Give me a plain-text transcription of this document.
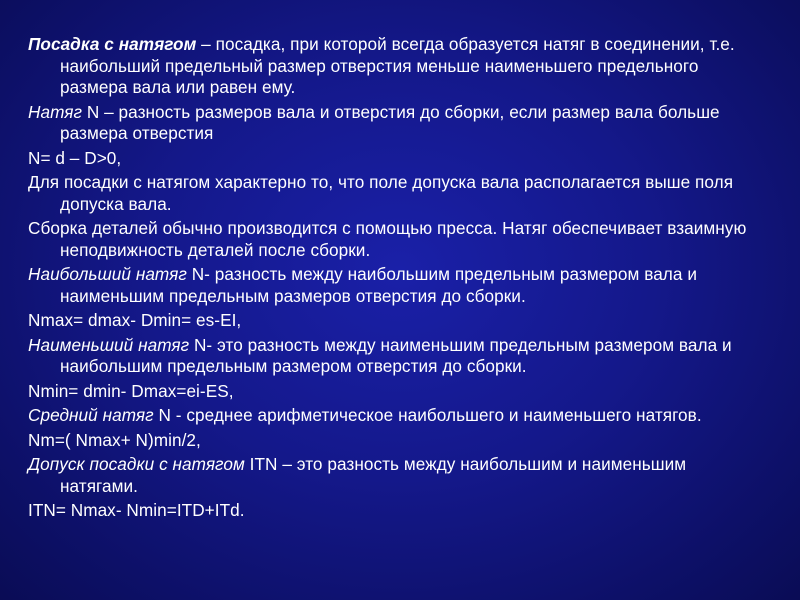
Посадка с натягом – посадка, при которой всегда образуется натяг в соединении, т.е. наибольший предельный размер отверстия меньше наименьшего предельного размера вала или равен ему.

Натяг N – разность размеров вала и отверстия до сборки, если размер вала больше размера отверстия

N= d – D>0,

Для посадки с натягом характерно то, что поле допуска вала располагается выше поля допуска вала.

Сборка деталей обычно производится с помощью пресса. Натяг обеспечивает взаимную неподвижность деталей после сборки.

Наибольший натяг N- разность между наибольшим предельным размером вала и наименьшим предельным размеров отверстия до сборки.

Nmax= dmax- Dmin= es-EI,

Наименьший натяг N- это разность между наименьшим предельным размером вала и наибольшим предельным размером отверстия до сборки.

Nmin= dmin- Dmax=ei-ES,

Средний натяг N - среднее арифметическое наибольшего и наименьшего натягов.

Nm=( Nmax+ N)min/2,

Допуск посадки с натягом ITN – это разность между наибольшим и наименьшим натягами.

ITN= Nmax- Nmin=ITD+ITd.
